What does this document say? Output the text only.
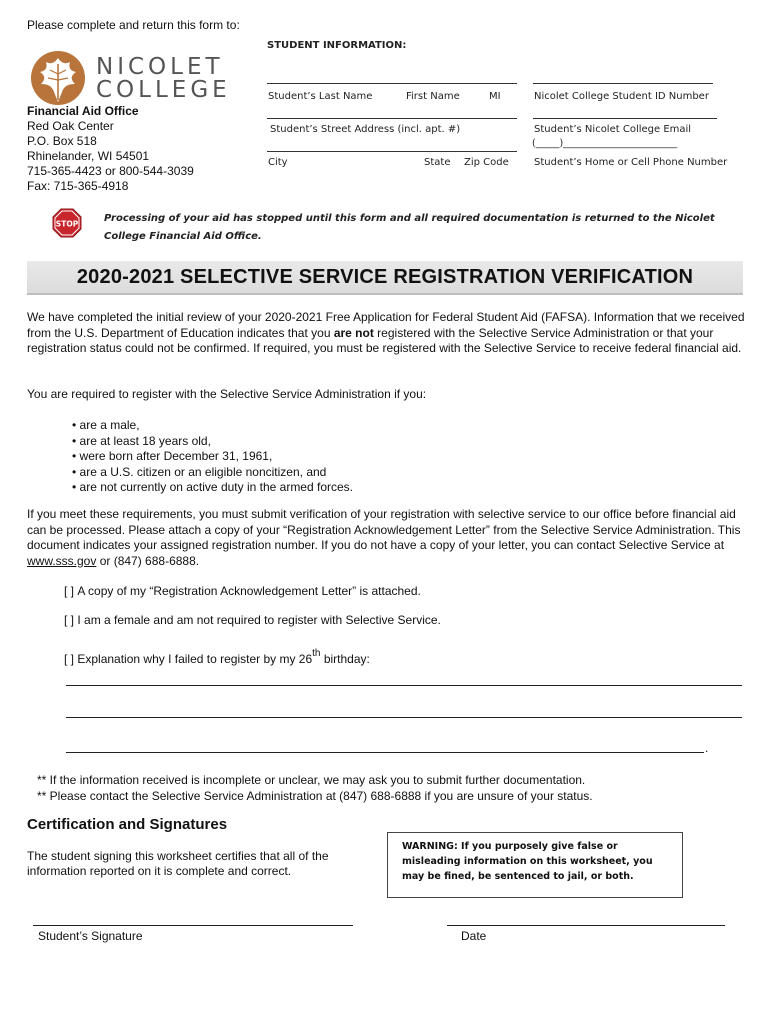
Please complete and return this form to:
NICOLET
COLLEGE
Financial Aid Office
Red Oak Center
P.O. Box 518
Rhinelander, WI 54501
715-365-4423 or 800-544-3039
Fax: 715-365-4918
STUDENT INFORMATION:
Student’s Last Name	First Name	MI	Nicolet College Student ID Number
Student’s Street Address (incl. apt. #)	Student’s Nicolet College Email
(_____)________________________
City	State Zip Code	Student’s Home or Cell Phone Number
STOP	Processing of your aid has stopped until this form and all required documentation is returned to the Nicolet
College Financial Aid Office.
2020-2021 SELECTIVE SERVICE REGISTRATION VERIFICATION

We have completed the initial review of your 2020-2021 Free Application for Federal Student Aid (FAFSA). Information that we received from the U.S. Department of Education indicates that you are not registered with the Selective Service Administration or that your registration status could not be confirmed. If required, you must be registered with the Selective Service to receive federal financial aid.

You are required to register with the Selective Service Administration if you:
• are a male,
• are at least 18 years old,
• were born after December 31, 1961,
• are a U.S. citizen or an eligible noncitizen, and
• are not currently on active duty in the armed forces.

If you meet these requirements, you must submit verification of your registration with selective service to our office before financial aid can be processed. Please attach a copy of your “Registration Acknowledgement Letter” from the Selective Service Administration. This document indicates your assigned registration number. If you do not have a copy of your letter, you can contact Selective Service at www.sss.gov or (847) 688-6888.

[ ] A copy of my “Registration Acknowledgement Letter” is attached.
[ ] I am a female and am not required to register with Selective Service.
[ ] Explanation why I failed to register by my 26th birthday:
.
** If the information received is incomplete or unclear, we may ask you to submit further documentation.
** Please contact the Selective Service Administration at (847) 688-6888 if you are unsure of your status.
Certification and Signatures
The student signing this worksheet certifies that all of the information reported on it is complete and correct.
WARNING: If you purposely give false or misleading information on this worksheet, you may be fined, be sentenced to jail, or both.
Student’s Signature	Date
